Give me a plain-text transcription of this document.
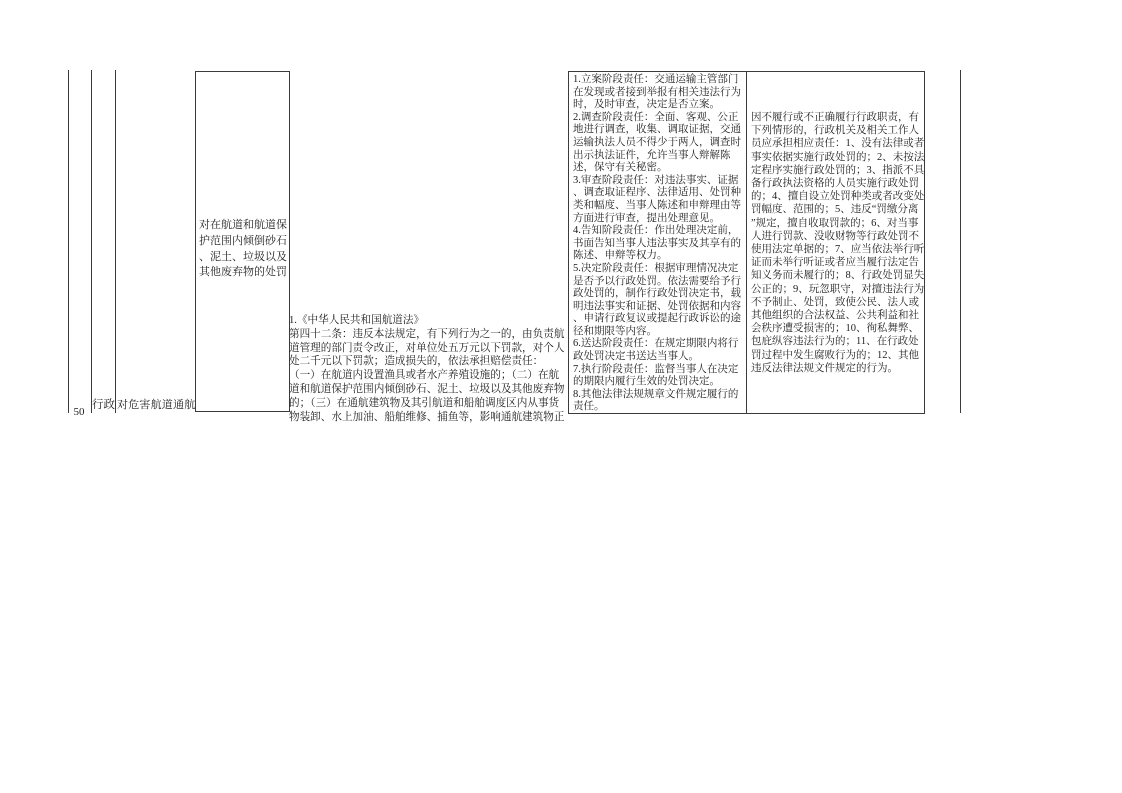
50
行政 对危害航道通航
对在航道和航道保
护范围内倾倒砂石
、泥土、垃圾以及
其他废弃物的处罚
1.《中华人民共和国航道法》
第四十二条：违反本法规定，有下列行为之一的，由负责航
道管理的部门责令改正，对单位处五万元以下罚款，对个人
处二千元以下罚款；造成损失的，依法承担赔偿责任：
（一）在航道内设置渔具或者水产养殖设施的；（二）在航
道和航道保护范围内倾倒砂石、泥土、垃圾以及其他废弃物
的；（三）在通航建筑物及其引航道和船舶调度区内从事货
物装卸、水上加油、船舶维修、捕鱼等，影响通航建筑物正
1.立案阶段责任：交通运输主管部门
在发现或者接到举报有相关违法行为
时，及时审查，决定是否立案。
2.调查阶段责任：全面、客观、公正
地进行调查，收集、调取证据，交通
运输执法人员不得少于两人，调查时
出示执法证件，允许当事人辩解陈
述，保守有关秘密。
3.审查阶段责任：对违法事实、证据
、调查取证程序、法律适用、处罚种
类和幅度、当事人陈述和申辩理由等
方面进行审查，提出处理意见。
4.告知阶段责任：作出处理决定前，
书面告知当事人违法事实及其享有的
陈述、申辩等权力。
5.决定阶段责任：根据审理情况决定
是否予以行政处罚。依法需要给予行
政处罚的，制作行政处罚决定书，载
明违法事实和证据、处罚依据和内容
、申请行政复议或提起行政诉讼的途
径和期限等内容。
6.送达阶段责任：在规定期限内将行
政处罚决定书送达当事人。
7.执行阶段责任：监督当事人在决定
的期限内履行生效的处罚决定。
8.其他法律法规规章文件规定履行的
责任。
因不履行或不正确履行行政职责，有
下列情形的，行政机关及相关工作人
员应承担相应责任：1、没有法律或者
事实依据实施行政处罚的；2、未按法
定程序实施行政处罚的；3、指派不具
备行政执法资格的人员实施行政处罚
的；4、擅自设立处罚种类或者改变处
罚幅度、范围的；5、违反“罚缴分离
”规定，擅自收取罚款的；6、对当事
人进行罚款、没收财物等行政处罚不
使用法定单据的；7、应当依法举行听
证而未举行听证或者应当履行法定告
知义务而未履行的；8、行政处罚显失
公正的；9、玩忽职守，对擅违法行为
不予制止、处罚，致使公民、法人或
其他组织的合法权益、公共利益和社
会秩序遭受损害的；10、徇私舞弊、
包庇纵容违法行为的；11、在行政处
罚过程中发生腐败行为的；12、其他
违反法律法规文件规定的行为。
